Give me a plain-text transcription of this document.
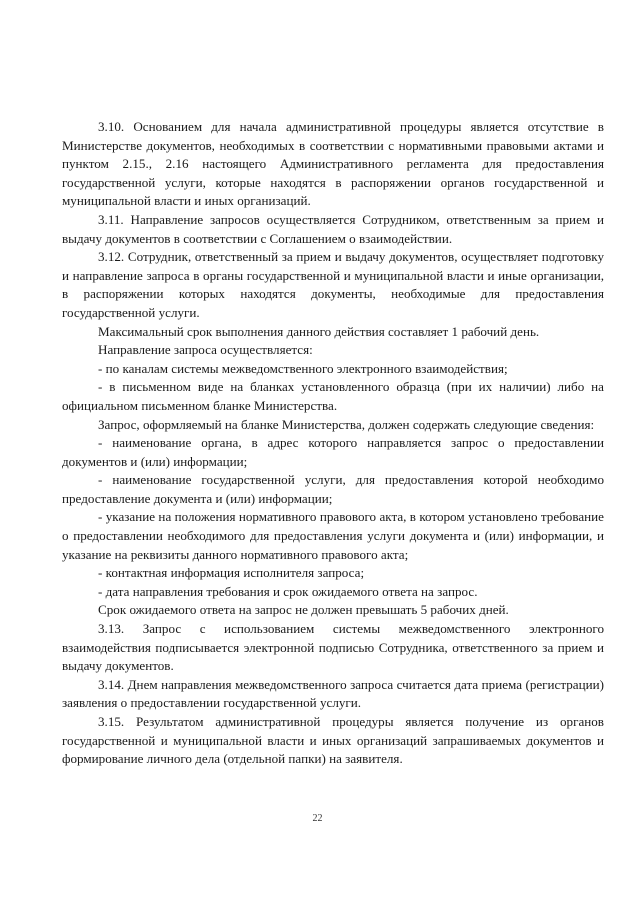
3.10. Основанием для начала административной процедуры является отсутствие в Министерстве документов, необходимых в соответствии с нормативными правовыми актами и пунктом 2.15., 2.16 настоящего Административного регламента для предоставления государственной услуги, которые находятся в распоряжении органов государственной и муниципальной власти и иных организаций.

3.11. Направление запросов осуществляется Сотрудником, ответственным за прием и выдачу документов в соответствии с Соглашением о взаимодействии.

3.12. Сотрудник, ответственный за прием и выдачу документов, осуществляет подготовку и направление запроса в органы государственной и муниципальной власти и иные организации, в распоряжении которых находятся документы, необходимые для предоставления государственной услуги.

Максимальный срок выполнения данного действия составляет 1 рабочий день.

Направление запроса осуществляется:

- по каналам системы межведомственного электронного взаимодействия;

- в письменном виде на бланках установленного образца (при их наличии) либо на официальном письменном бланке Министерства.

Запрос, оформляемый на бланке Министерства, должен содержать следующие сведения:

- наименование органа, в адрес которого направляется запрос о предоставлении документов и (или) информации;

- наименование государственной услуги, для предоставления которой необходимо предоставление документа и (или) информации;

- указание на положения нормативного правового акта, в котором установлено требование о предоставлении необходимого для предоставления услуги документа и (или) информации, и указание на реквизиты данного нормативного правового акта;

- контактная информация исполнителя запроса;

- дата направления требования и срок ожидаемого ответа на запрос.

Срок ожидаемого ответа на запрос не должен превышать 5 рабочих дней.

3.13. Запрос с использованием системы межведомственного электронного взаимодействия подписывается электронной подписью Сотрудника, ответственного за прием и выдачу документов.

3.14. Днем направления межведомственного запроса считается дата приема (регистрации) заявления о предоставлении государственной услуги.

3.15. Результатом административной процедуры является получение из органов государственной и муниципальной власти и иных организаций запрашиваемых документов и формирование личного дела (отдельной папки) на заявителя.

22
